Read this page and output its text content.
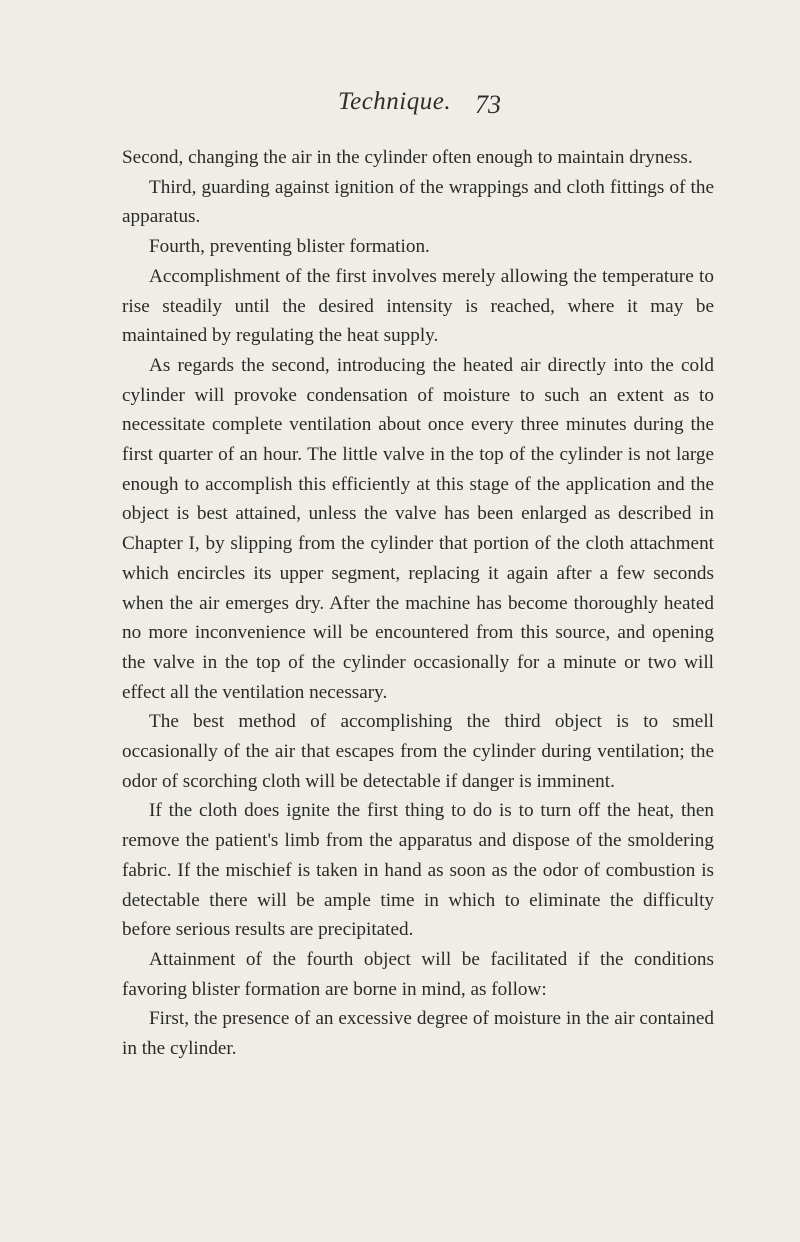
Technique. 73

Second, changing the air in the cylinder often enough to maintain dryness.

Third, guarding against ignition of the wrappings and cloth fittings of the apparatus.

Fourth, preventing blister formation.

Accomplishment of the first involves merely allowing the temperature to rise steadily until the desired intensity is reached, where it may be maintained by regulating the heat supply.

As regards the second, introducing the heated air directly into the cold cylinder will provoke condensation of moisture to such an extent as to necessitate complete ventilation about once every three minutes during the first quarter of an hour. The little valve in the top of the cylinder is not large enough to accomplish this efficiently at this stage of the application and the object is best attained, unless the valve has been enlarged as described in Chapter I, by slipping from the cylinder that portion of the cloth attachment which encircles its upper segment, replacing it again after a few seconds when the air emerges dry. After the machine has become thoroughly heated no more inconvenience will be encountered from this source, and opening the valve in the top of the cylinder occasionally for a minute or two will effect all the ventilation necessary.

The best method of accomplishing the third object is to smell occasionally of the air that escapes from the cylinder during ventilation; the odor of scorching cloth will be detectable if danger is imminent.

If the cloth does ignite the first thing to do is to turn off the heat, then remove the patient's limb from the apparatus and dispose of the smoldering fabric. If the mischief is taken in hand as soon as the odor of combustion is detectable there will be ample time in which to eliminate the difficulty before serious results are precipitated.

Attainment of the fourth object will be facilitated if the conditions favoring blister formation are borne in mind, as follow:

First, the presence of an excessive degree of moisture in the air contained in the cylinder.
